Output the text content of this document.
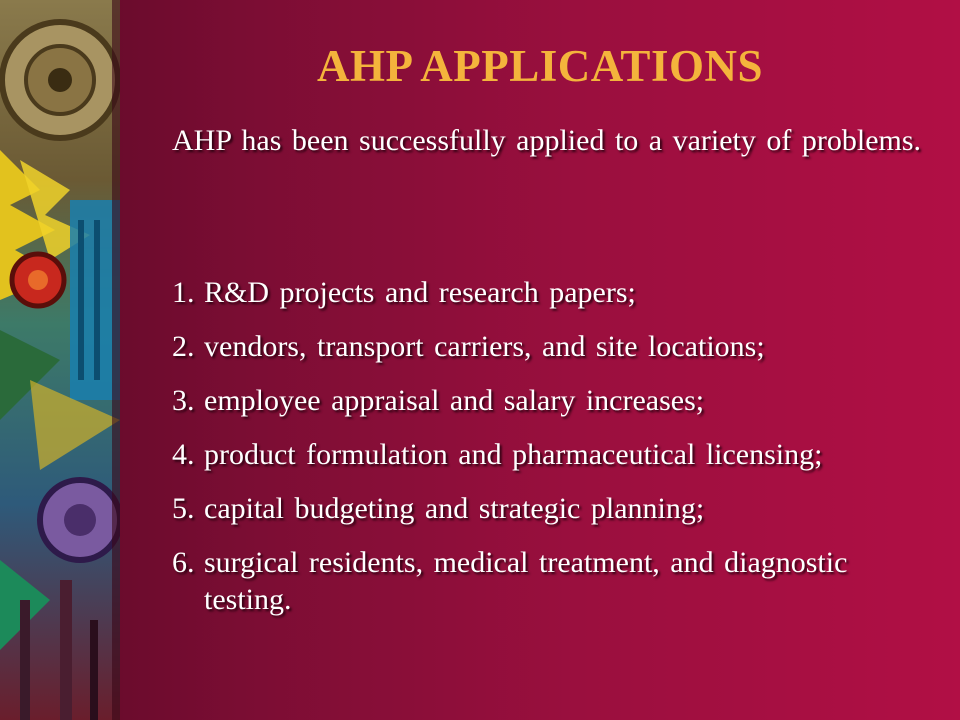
AHP APPLICATIONS
AHP has been successfully applied to a variety of problems.
1. R&D projects and research papers;
2. vendors, transport carriers, and site locations;
3. employee appraisal and salary increases;
4. product formulation and pharmaceutical licensing;
5. capital budgeting and strategic planning;
6. surgical residents, medical treatment, and diagnostic testing.
